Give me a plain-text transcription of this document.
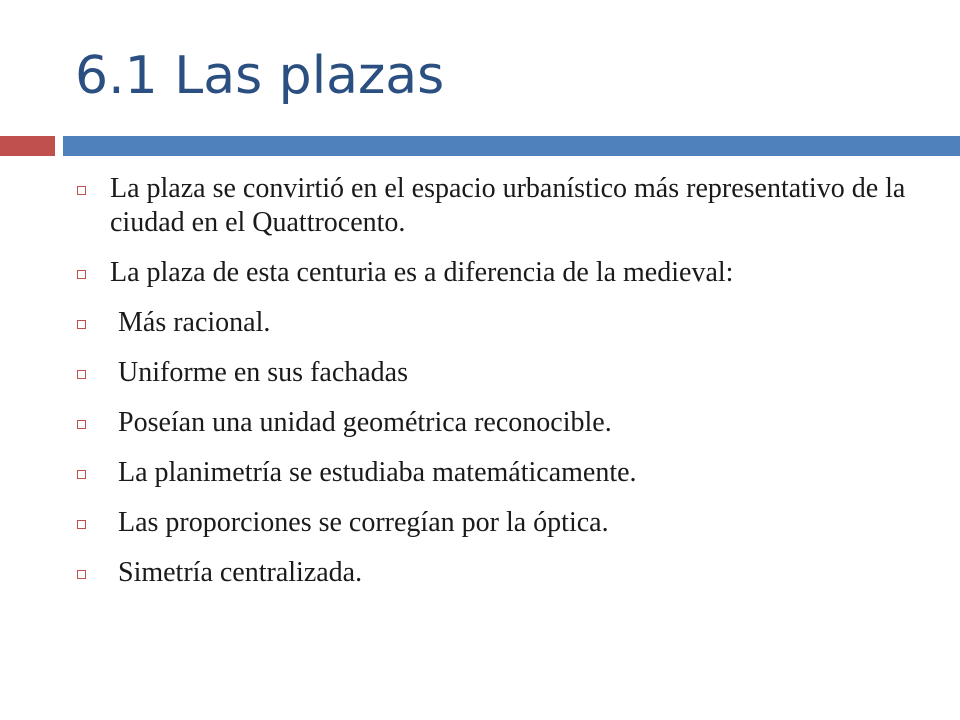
6.1 Las plazas
La plaza se convirtió en el espacio urbanístico más representativo de la ciudad en el Quattrocento.
La plaza de esta centuria es a diferencia de la medieval:
Más racional.
Uniforme en sus fachadas
Poseían una unidad geométrica reconocible.
La planimetría se estudiaba matemáticamente.
Las proporciones se corregían por la óptica.
Simetría centralizada.
